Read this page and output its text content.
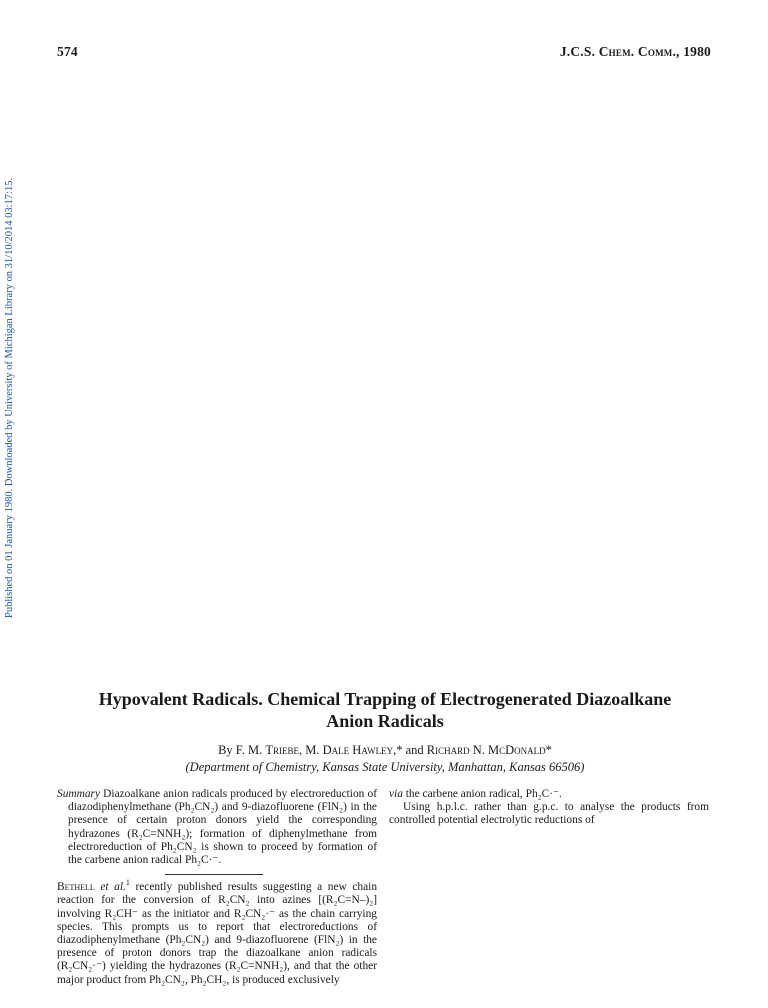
574	J.C.S. Chem. Comm., 1980
Published on 01 January 1980. Downloaded by University of Michigan Library on 31/10/2014 03:17:15.
Hypovalent Radicals. Chemical Trapping of Electrogenerated Diazoalkane
Anion Radicals
By F. M. Triebe, M. Dale Hawley,* and Richard N. McDonald*
(Department of Chemistry, Kansas State University, Manhattan, Kansas 66506)

Summary Diazoalkane anion radicals produced by electroreduction of diazodiphenylmethane (Ph₂CN₂) and 9-diazofluorene (FlN₂) in the presence of certain proton donors yield the corresponding hydrazones (R₂C=NNH₂); formation of diphenylmethane from electroreduction of Ph₂CN₂ is shown to proceed by formation of the carbene anion radical Ph₂C·⁻.

Bethell et al.$^1$ recently published results suggesting a new chain reaction for the conversion of R₂CN₂ into azines [(R₂C=N–)₂] involving R₂CH⁻ as the initiator and R₂CN₂·⁻ as the chain carrying species. This prompts us to report that electroreductions of diazodiphenylmethane (Ph₂CN₂) and 9-diazofluorene (FlN₂) in the presence of proton donors trap the diazoalkane anion radicals (R₂CN₂·⁻) yielding the hydrazones (R₂C=NNH₂), and that the other major product from Ph₂CN₂, Ph₂CH₂, is produced exclusively

via the carbene anion radical, Ph₂C·⁻.

Using h.p.l.c. rather than g.p.c. to analyse the products from controlled potential electrolytic reductions of
